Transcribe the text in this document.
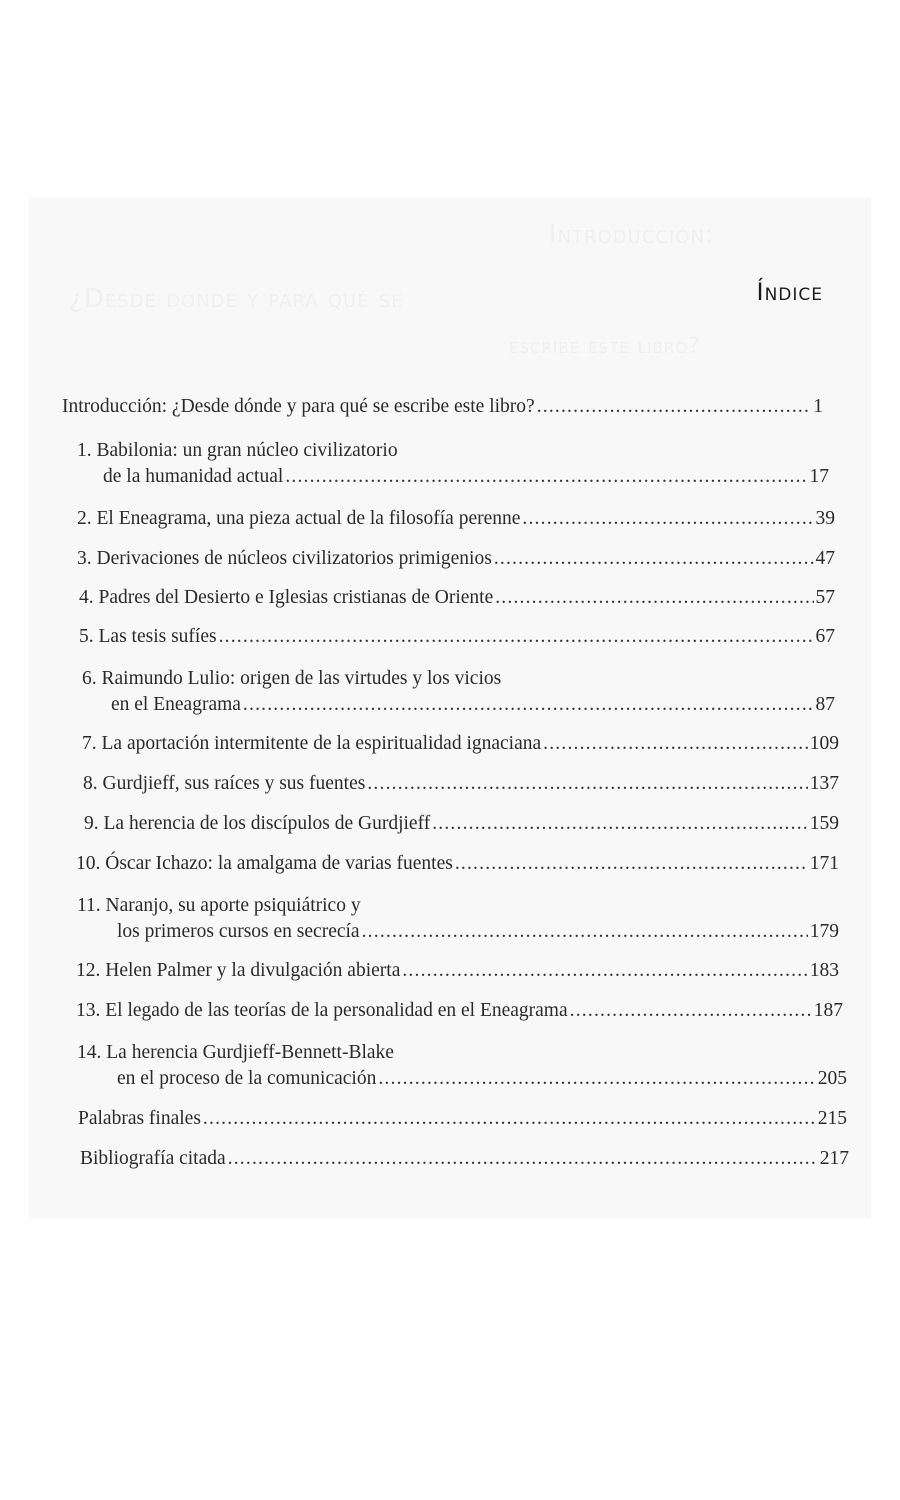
Introducción:
¿Desde dónde y para qué se
escribe este libro?
Índice
Introducción: ¿Desde dónde y para qué se escribe este libro? .....	1
1. Babilonia: un gran núcleo civilizatorio
de la humanidad actual .....	17
2. El Eneagrama, una pieza actual de la filosofía perenne .....	39
3. Derivaciones de núcleos civilizatorios primigenios .....	47
4. Padres del Desierto e Iglesias cristianas de Oriente .....	57
5. Las tesis sufíes .....	67
6. Raimundo Lulio: origen de las virtudes y los vicios
en el Eneagrama .....	87
7. La aportación intermitente de la espiritualidad ignaciana .....	109
8. Gurdjieff, sus raíces y sus fuentes .....	137
9. La herencia de los discípulos de Gurdjieff .....	159
10. Óscar Ichazo: la amalgama de varias fuentes .....	171
11. Naranjo, su aporte psiquiátrico y
los primeros cursos en secrecía .....	179
12. Helen Palmer y la divulgación abierta .....	183
13. El legado de las teorías de la personalidad en el Eneagrama .....	187
14. La herencia Gurdjieff-Bennett-Blake
en el proceso de la comunicación .....	205
Palabras finales .....	215
Bibliografía citada .....	217
